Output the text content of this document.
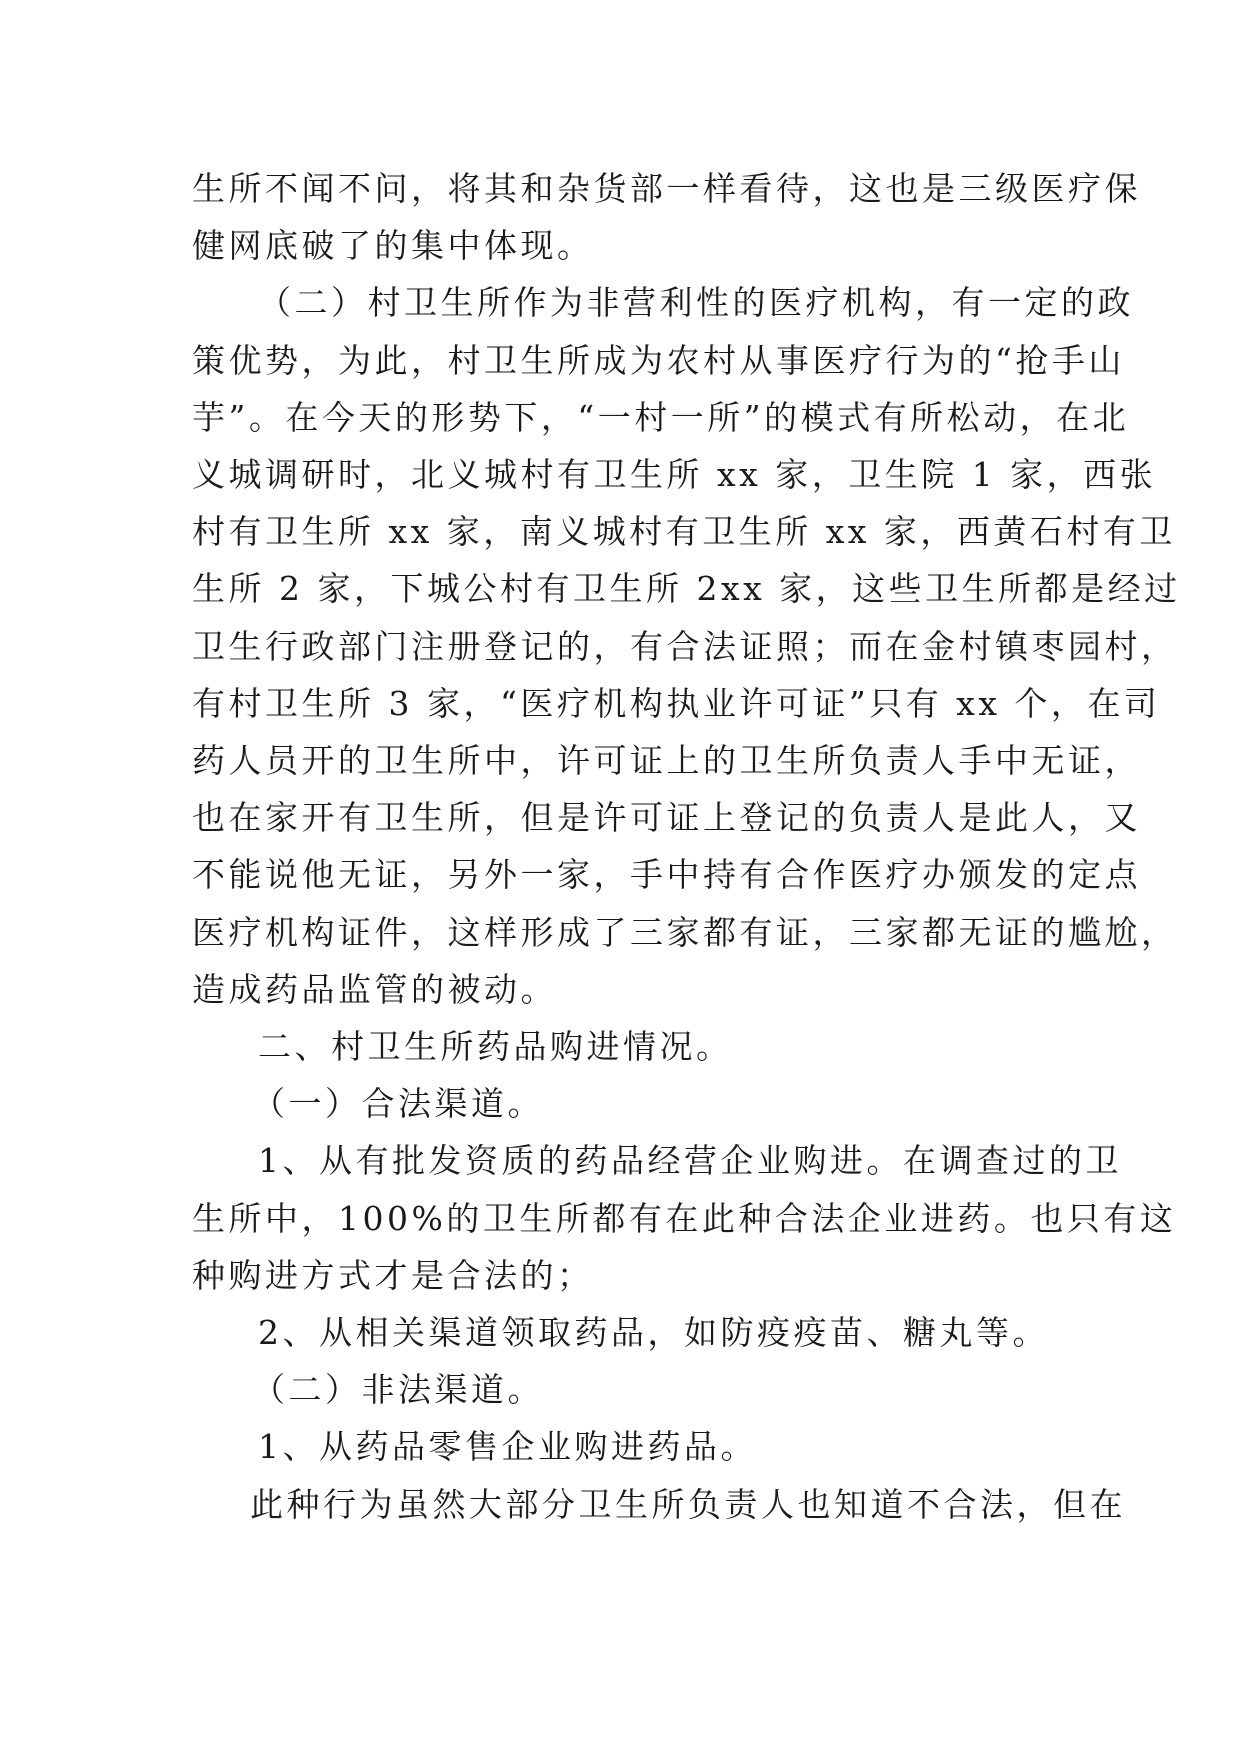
生所不闻不问，将其和杂货部一样看待，这也是三级医疗保
健网底破了的集中体现。
（二）村卫生所作为非营利性的医疗机构，有一定的政
策优势，为此，村卫生所成为农村从事医疗行为的“抢手山
芋”。在今天的形势下，“一村一所”的模式有所松动，在北
义城调研时，北义城村有卫生所 xx 家，卫生院 1 家，西张
村有卫生所 xx 家，南义城村有卫生所 xx 家，西黄石村有卫
生所 2 家，下城公村有卫生所 2xx 家，这些卫生所都是经过
卫生行政部门注册登记的，有合法证照；而在金村镇枣园村，
有村卫生所 3 家，“医疗机构执业许可证”只有 xx 个，在司
药人员开的卫生所中，许可证上的卫生所负责人手中无证，
也在家开有卫生所，但是许可证上登记的负责人是此人，又
不能说他无证，另外一家，手中持有合作医疗办颁发的定点
医疗机构证件，这样形成了三家都有证，三家都无证的尴尬，
造成药品监管的被动。
二、村卫生所药品购进情况。
（一）合法渠道。
1、从有批发资质的药品经营企业购进。在调查过的卫
生所中，100%的卫生所都有在此种合法企业进药。也只有这
种购进方式才是合法的；
2、从相关渠道领取药品，如防疫疫苗、糖丸等。
（二）非法渠道。
1、从药品零售企业购进药品。
此种行为虽然大部分卫生所负责人也知道不合法，但在
